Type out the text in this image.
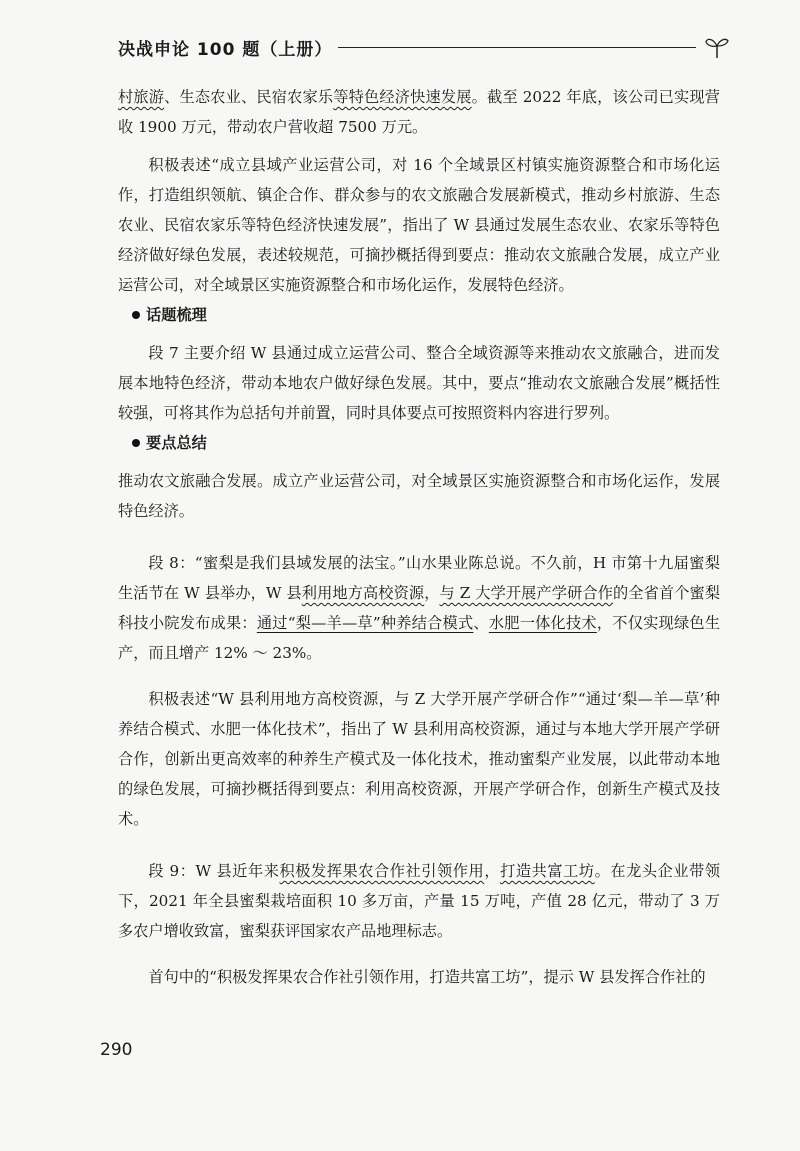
决战申论 100 题（上册）

村旅游、生态农业、民宿农家乐等特色经济快速发展。截至 2022 年底，该公司已实现营收 1900 万元，带动农户营收超 7500 万元。

积极表述“成立县域产业运营公司，对 16 个全域景区村镇实施资源整合和市场化运作，打造组织领航、镇企合作、群众参与的农文旅融合发展新模式，推动乡村旅游、生态农业、民宿农家乐等特色经济快速发展”，指出了 W 县通过发展生态农业、农家乐等特色经济做好绿色发展，表述较规范，可摘抄概括得到要点：推动农文旅融合发展，成立产业运营公司，对全域景区实施资源整合和市场化运作，发展特色经济。

话题梳理

段 7 主要介绍 W 县通过成立运营公司、整合全域资源等来推动农文旅融合，进而发展本地特色经济，带动本地农户做好绿色发展。其中，要点“推动农文旅融合发展”概括性较强，可将其作为总括句并前置，同时具体要点可按照资料内容进行罗列。

要点总结

推动农文旅融合发展。成立产业运营公司，对全域景区实施资源整合和市场化运作，发展特色经济。

段 8：“蜜梨是我们县域发展的法宝。”山水果业陈总说。不久前，H 市第十九届蜜梨生活节在 W 县举办，W 县利用地方高校资源，与 Z 大学开展产学研合作的全省首个蜜梨科技小院发布成果：通过“梨—羊—草”种养结合模式、水肥一体化技术，不仅实现绿色生产，而且增产 12% ～ 23%。

积极表述“W 县利用地方高校资源，与 Z 大学开展产学研合作”“通过‘梨—羊—草’种养结合模式、水肥一体化技术”，指出了 W 县利用高校资源，通过与本地大学开展产学研合作，创新出更高效率的种养生产模式及一体化技术，推动蜜梨产业发展，以此带动本地的绿色发展，可摘抄概括得到要点：利用高校资源，开展产学研合作，创新生产模式及技术。

段 9：W 县近年来积极发挥果农合作社引领作用，打造共富工坊。在龙头企业带领下，2021 年全县蜜梨栽培面积 10 多万亩，产量 15 万吨，产值 28 亿元，带动了 3 万多农户增收致富，蜜梨获评国家农产品地理标志。

首句中的“积极发挥果农合作社引领作用，打造共富工坊”，提示 W 县发挥合作社的

290
